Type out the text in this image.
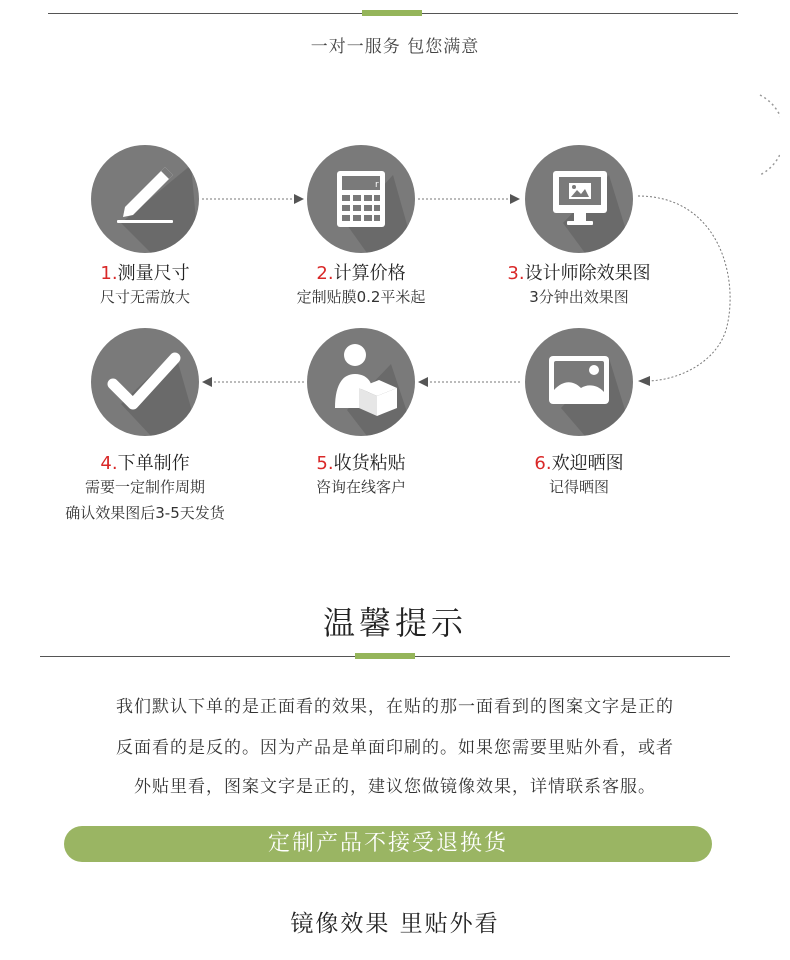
一对一服务 包您满意
1.测量尺寸
尺寸无需放大
r
2.计算价格
定制贴膜0.2平米起
3.设计师除效果图
3分钟出效果图
4.下单制作
需要一定制作周期
确认效果图后3-5天发货
5.收货粘贴
咨询在线客户
6.欢迎晒图
记得晒图
温馨提示
我们默认下单的是正面看的效果，在贴的那一面看到的图案文字是正的
反面看的是反的。因为产品是单面印刷的。如果您需要里贴外看，或者
外贴里看，图案文字是正的，建议您做镜像效果，详情联系客服。
定制产品不接受退换货
镜像效果 里贴外看
